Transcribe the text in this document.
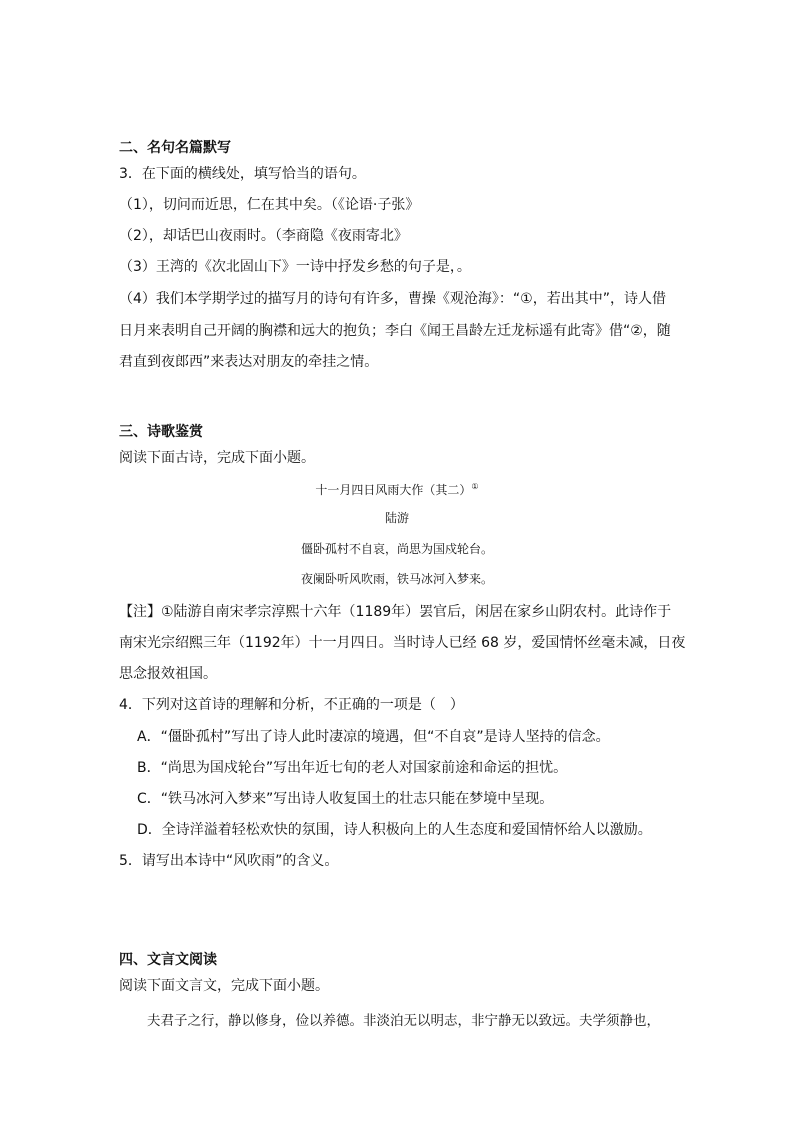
二、名句名篇默写
3．在下面的横线处，填写恰当的语句。
（1），切问而近思，仁在其中矣。（《论语·子张》
（2），却话巴山夜雨时。（李商隐《夜雨寄北》
（3）王湾的《次北固山下》一诗中抒发乡愁的句子是，。
（4）我们本学期学过的描写月的诗句有许多，曹操《观沧海》：“①，若出其中”，诗人借
日月来表明自己开阔的胸襟和远大的抱负；李白《闻王昌龄左迁龙标遥有此寄》借“②，随
君直到夜郎西”来表达对朋友的牵挂之情。
三、诗歌鉴赏
阅读下面古诗，完成下面小题。
十一月四日风雨大作（其二）①
陆游
僵卧孤村不自哀，尚思为国戍轮台。
夜阑卧听风吹雨，铁马冰河入梦来。
【注】①陆游自南宋孝宗淳熙十六年（1189年）罢官后，闲居在家乡山阴农村。此诗作于
南宋光宗绍熙三年（1192年）十一月四日。当时诗人已经 68 岁，爱国情怀丝毫未减，日夜
思念报效祖国。
4．下列对这首诗的理解和分析，不正确的一项是（　）
A．“僵卧孤村”写出了诗人此时凄凉的境遇，但“不自哀”是诗人坚持的信念。
B．“尚思为国戍轮台”写出年近七旬的老人对国家前途和命运的担忧。
C．“铁马冰河入梦来”写出诗人收复国土的壮志只能在梦境中呈现。
D．全诗洋溢着轻松欢快的氛围，诗人积极向上的人生态度和爱国情怀给人以激励。
5．请写出本诗中“风吹雨”的含义。
四、文言文阅读
阅读下面文言文，完成下面小题。
夫君子之行，静以修身，俭以养德。非淡泊无以明志，非宁静无以致远。夫学须静也，
